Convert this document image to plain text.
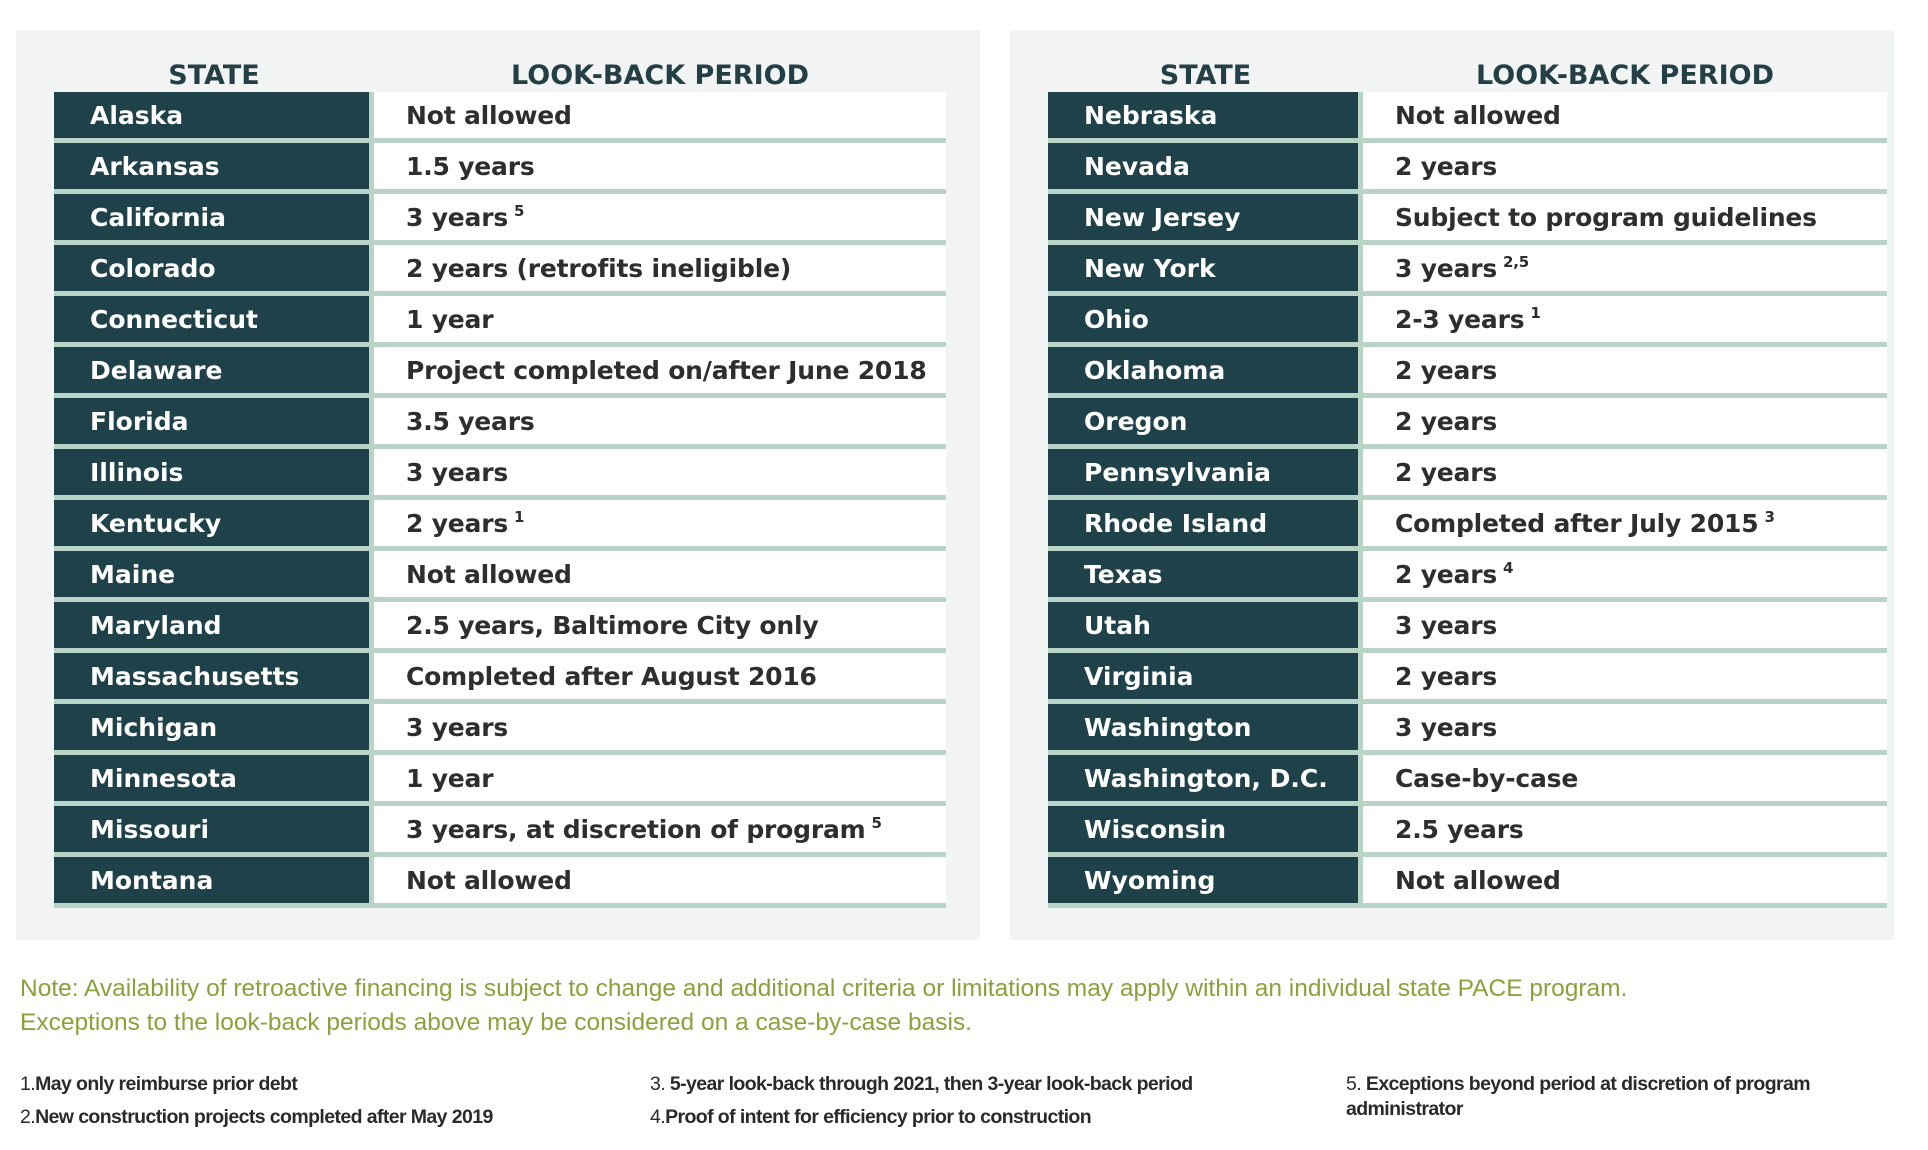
STATE	LOOK-BACK PERIOD
Alaska	Not allowed
Arkansas	1.5 years
California	3 years $^5$
Colorado	2 years (retrofits ineligible)
Connecticut	1 year
Delaware	Project completed on/after June 2018
Florida	3.5 years
Illinois	3 years
Kentucky	2 years $^1$
Maine	Not allowed
Maryland	2.5 years, Baltimore City only
Massachusetts	Completed after August 2016
Michigan	3 years
Minnesota	1 year
Missouri	3 years, at discretion of program $^5$
Montana	Not allowed
STATE	LOOK-BACK PERIOD
Nebraska	Not allowed
Nevada	2 years
New Jersey	Subject to program guidelines
New York	3 years $^{2,5}$
Ohio	2-3 years $^1$
Oklahoma	2 years
Oregon	2 years
Pennsylvania	2 years
Rhode Island	Completed after July 2015 $^3$
Texas	2 years $^4$
Utah	3 years
Virginia	2 years
Washington	3 years
Washington, D.C.	Case-by-case
Wisconsin	2.5 years
Wyoming	Not allowed

Note: Availability of retroactive financing is subject to change and additional criteria or limitations may apply within an individual state PACE program.

Exceptions to the look-back periods above may be considered on a case-by-case basis.

1.May only reimburse prior debt
2.New construction projects completed after May 2019
3. 5-year look-back through 2021, then 3-year look-back period
4.Proof of intent for efficiency prior to construction
5. Exceptions beyond period at discretion of program administrator
